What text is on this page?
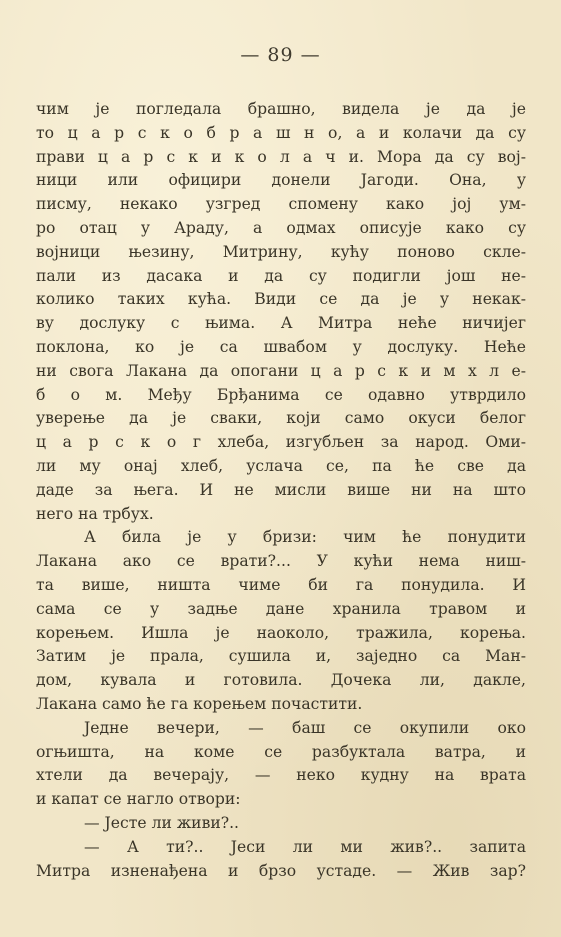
— 89 —
чим је погледала брашно, видела је да је
то ц а р с к о б р а ш н о, а и колачи да су
прави ц а р с к и к о л а ч и. Мора да су вој-
ници или официри донели Јагоди. Она, у
писму, некако узгред спомену како јој ум-
ро отац у Араду, а одмах описује како су
војници њезину, Митрину, кућу поново скле-
пали из дасака и да су подигли још не-
колико таких кућа. Види се да је у некак-
ву дослуку с њима. А Митра неће ничијег
поклона, ко је са швабом у дослуку. Неће
ни свога Лакана да опогани ц а р с к и м х л е-
б о м. Међу Брђанима се одавно утврдило
уверење да је сваки, који само окуси белог
ц а р с к о г хлеба, изгубљен за народ. Оми-
ли му онај хлеб, услача се, па ће све да
даде за њега. И не мисли више ни на што
него на трбух.
А била је у бризи: чим ће понудити
Лакана ако се врати?... У кући нема ниш-
та више, ништа чиме би га понудила. И
сама се у задње дане хранила травом и
корењем. Ишла је наоколо, тражила, корења.
Затим је прала, сушила и, заједно са Ман-
дом, кувала и готовила. Дочека ли, дакле,
Лакана само ће га корењем почастити.
Једне вечери, — баш се окупили око
огњишта, на коме се разбуктала ватра, и
хтели да вечерају, — неко кудну на врата
и капат се нагло отвори:
— Јесте ли живи?..
— А ти?.. Јеси ли ми жив?.. запита
Митра изненађена и брзо устаде. — Жив зар?
